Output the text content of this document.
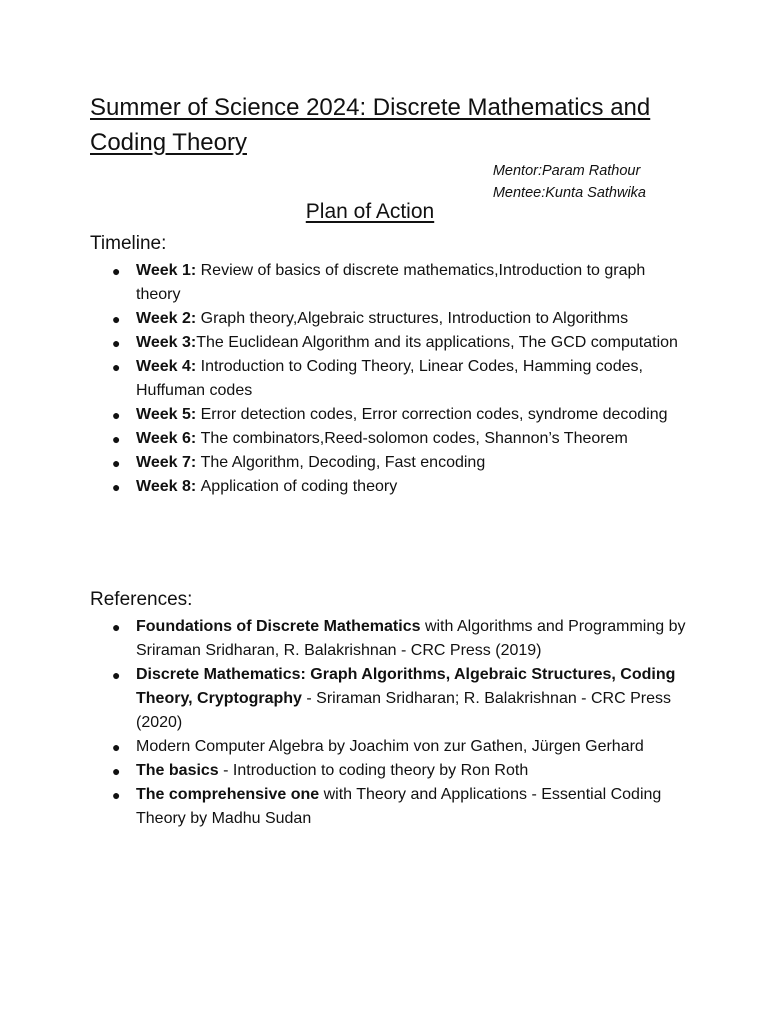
Summer of Science 2024: Discrete Mathematics and Coding Theory
Mentor:Param Rathour
Mentee:Kunta Sathwika
Plan of Action
Timeline:
● Week 1: Review of basics of discrete mathematics,Introduction to graph theory
● Week 2: Graph theory,Algebraic structures, Introduction to Algorithms
● Week 3:The Euclidean Algorithm and its applications, The GCD computation
● Week 4: Introduction to Coding Theory, Linear Codes, Hamming codes, Huffuman codes
● Week 5: Error detection codes, Error correction codes, syndrome decoding
● Week 6: The combinators,Reed-solomon codes, Shannon’s Theorem
● Week 7: The Algorithm, Decoding, Fast encoding
● Week 8: Application of coding theory
References:
● Foundations of Discrete Mathematics with Algorithms and Programming by Sriraman Sridharan, R. Balakrishnan - CRC Press (2019)
● Discrete Mathematics: Graph Algorithms, Algebraic Structures, Coding Theory, Cryptography - Sriraman Sridharan; R. Balakrishnan - CRC Press (2020)
● Modern Computer Algebra by Joachim von zur Gathen, Jürgen Gerhard
● The basics - Introduction to coding theory by Ron Roth
● The comprehensive one with Theory and Applications - Essential Coding Theory by Madhu Sudan
